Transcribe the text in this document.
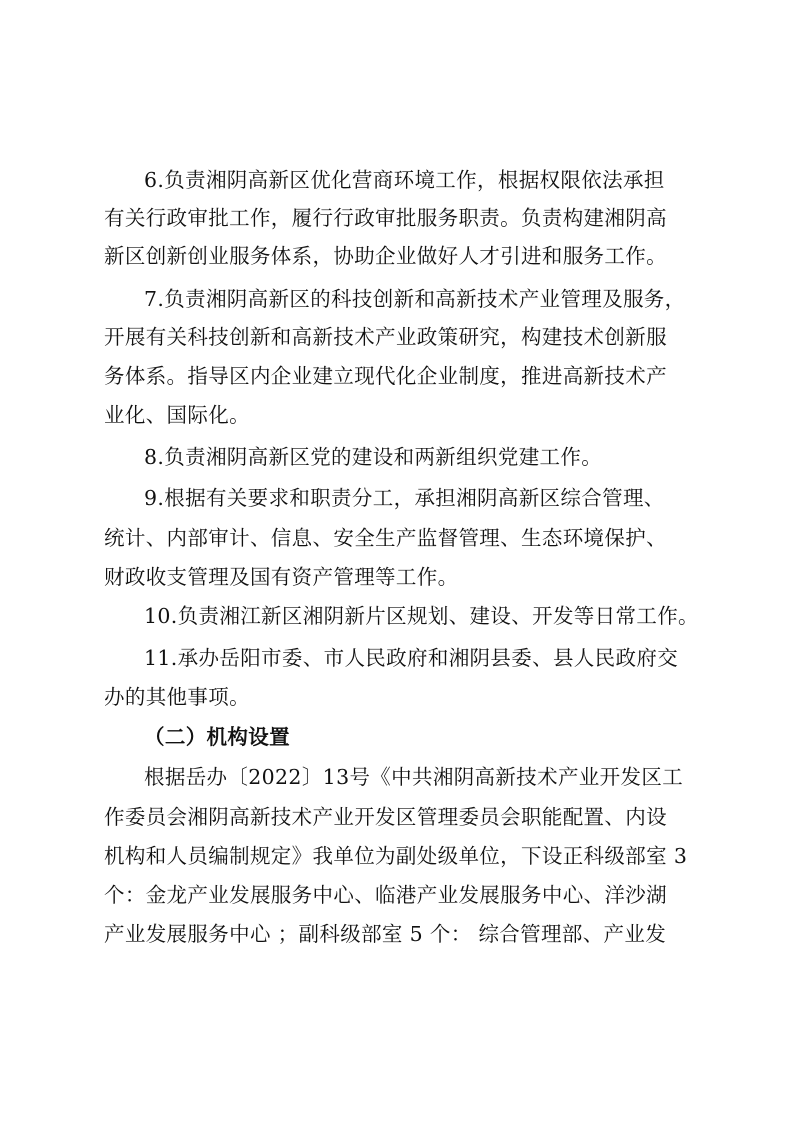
6.负责湘阴高新区优化营商环境工作，根据权限依法承担
有关行政审批工作，履行行政审批服务职责。负责构建湘阴高
新区创新创业服务体系，协助企业做好人才引进和服务工作。
7.负责湘阴高新区的科技创新和高新技术产业管理及服务，
开展有关科技创新和高新技术产业政策研究，构建技术创新服
务体系。指导区内企业建立现代化企业制度，推进高新技术产
业化、国际化。
8.负责湘阴高新区党的建设和两新组织党建工作。
9.根据有关要求和职责分工，承担湘阴高新区综合管理、
统计、内部审计、信息、安全生产监督管理、生态环境保护、
财政收支管理及国有资产管理等工作。
10.负责湘江新区湘阴新片区规划、建设、开发等日常工作。
11.承办岳阳市委、市人民政府和湘阴县委、县人民政府交
办的其他事项。
（二）机构设置
根据岳办〔2022〕13号《中共湘阴高新技术产业开发区工
作委员会湘阴高新技术产业开发区管理委员会职能配置、内设
机构和人员编制规定》我单位为副处级单位，下设正科级部室 3
个：金龙产业发展服务中心、临港产业发展服务中心、洋沙湖
产业发展服务中心 ；副科级部室 5 个： 综合管理部、产业发
